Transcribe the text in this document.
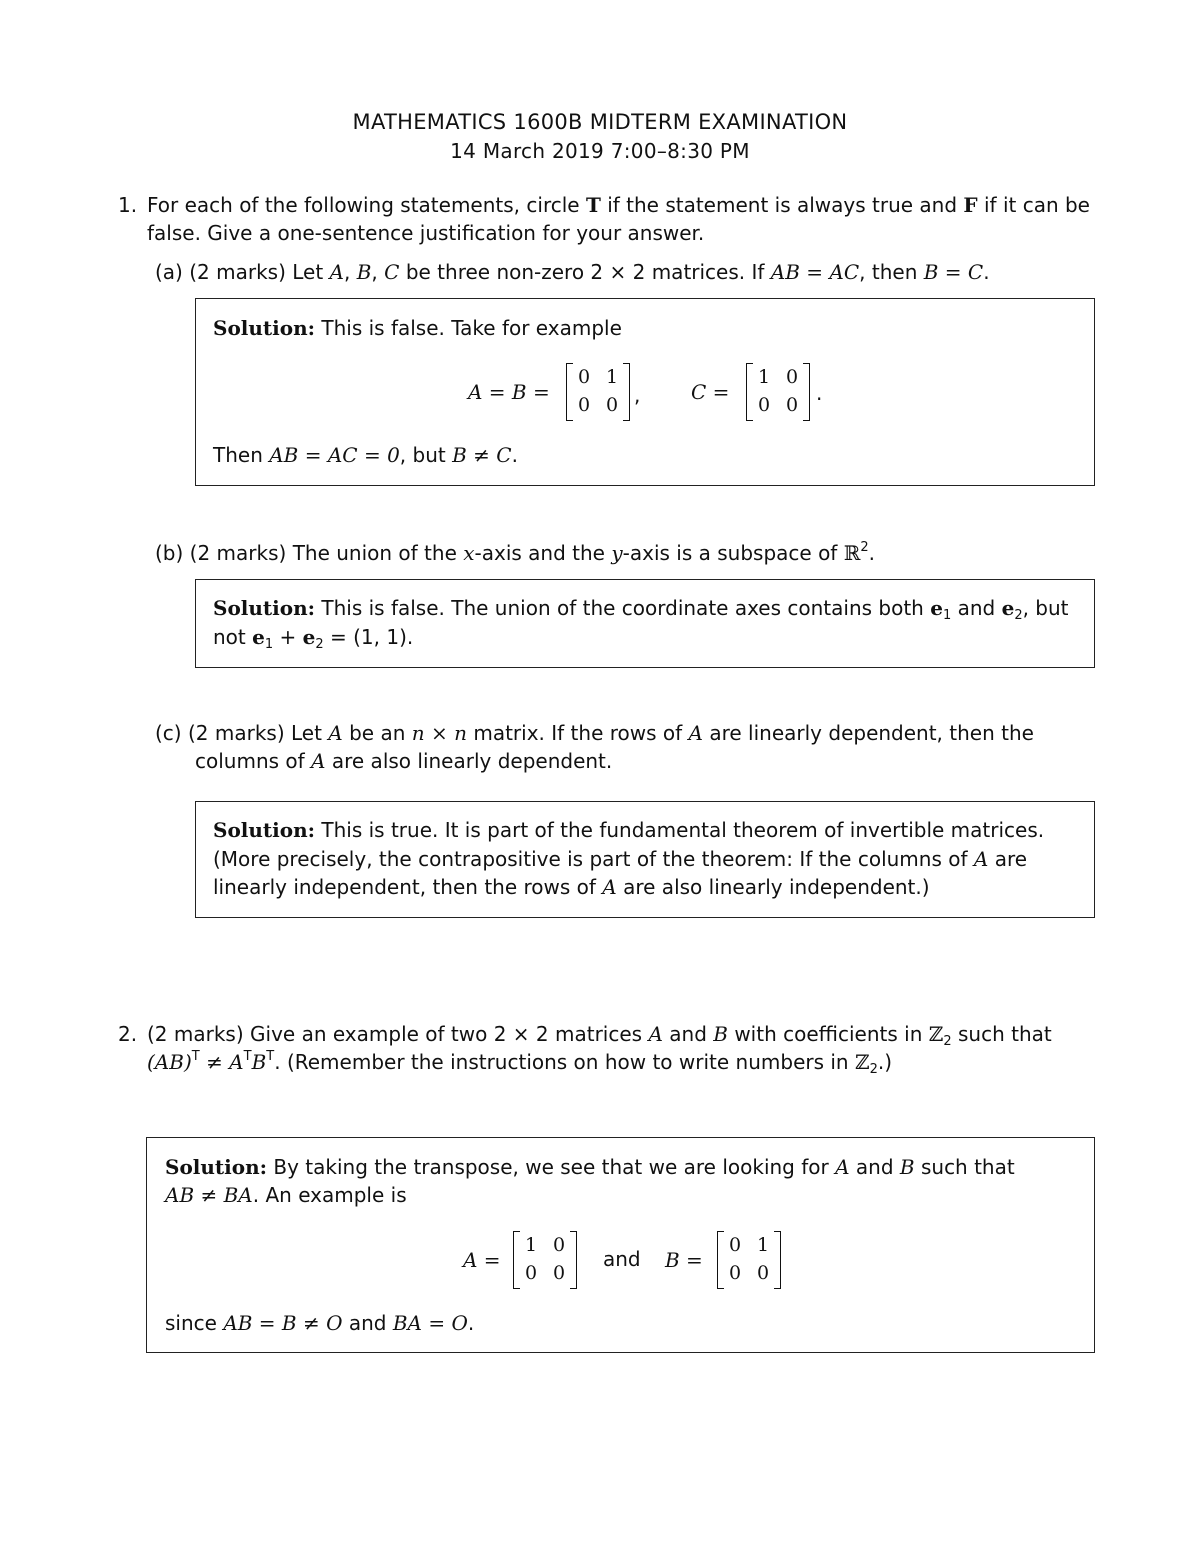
MATHEMATICS 1600B MIDTERM EXAMINATION
14 March 2019 7:00–8:30 PM
1. For each of the following statements, circle T if the statement is always true and F if it can be
false. Give a one-sentence justification for your answer.
(a) (2 marks) Let A, B, C be three non-zero 2 × 2 matrices. If AB = AC, then B = C.
Solution: This is false. Take for example
A = B =
0 1
0 0 ,	C =
1 0
0 0 .
Then AB = AC = 0, but B ≠ C.
(b) (2 marks) The union of the x-axis and the y-axis is a subspace of ℝ$^2$.
Solution: This is false. The union of the coordinate axes contains both $e_1$ and $e_2$, but
not $e_1 + e_2 = (1$, 1).
(c) (2 marks) Let A be an n × n matrix. If the rows of A are linearly dependent, then the
columns of A are also linearly dependent.
Solution: This is true. It is part of the fundamental theorem of invertible matrices.
(More precisely, the contrapositive is part of the theorem: If the columns of A are
linearly independent, then the rows of A are also linearly independent.)
2. (2 marks) Give an example of two 2 × 2 matrices A and B with coefficients in ℤ$_2$ such that
$(AB)^T \ne A^TB^T$. (Remember the instructions on how to write numbers in ℤ$_2$.)
Solution: By taking the transpose, we see that we are looking for A and B such that
AB ≠ BA. An example is
A =
1 0
0 0
and B =
0 1
0 0
since AB = B ≠ O and BA = O.
